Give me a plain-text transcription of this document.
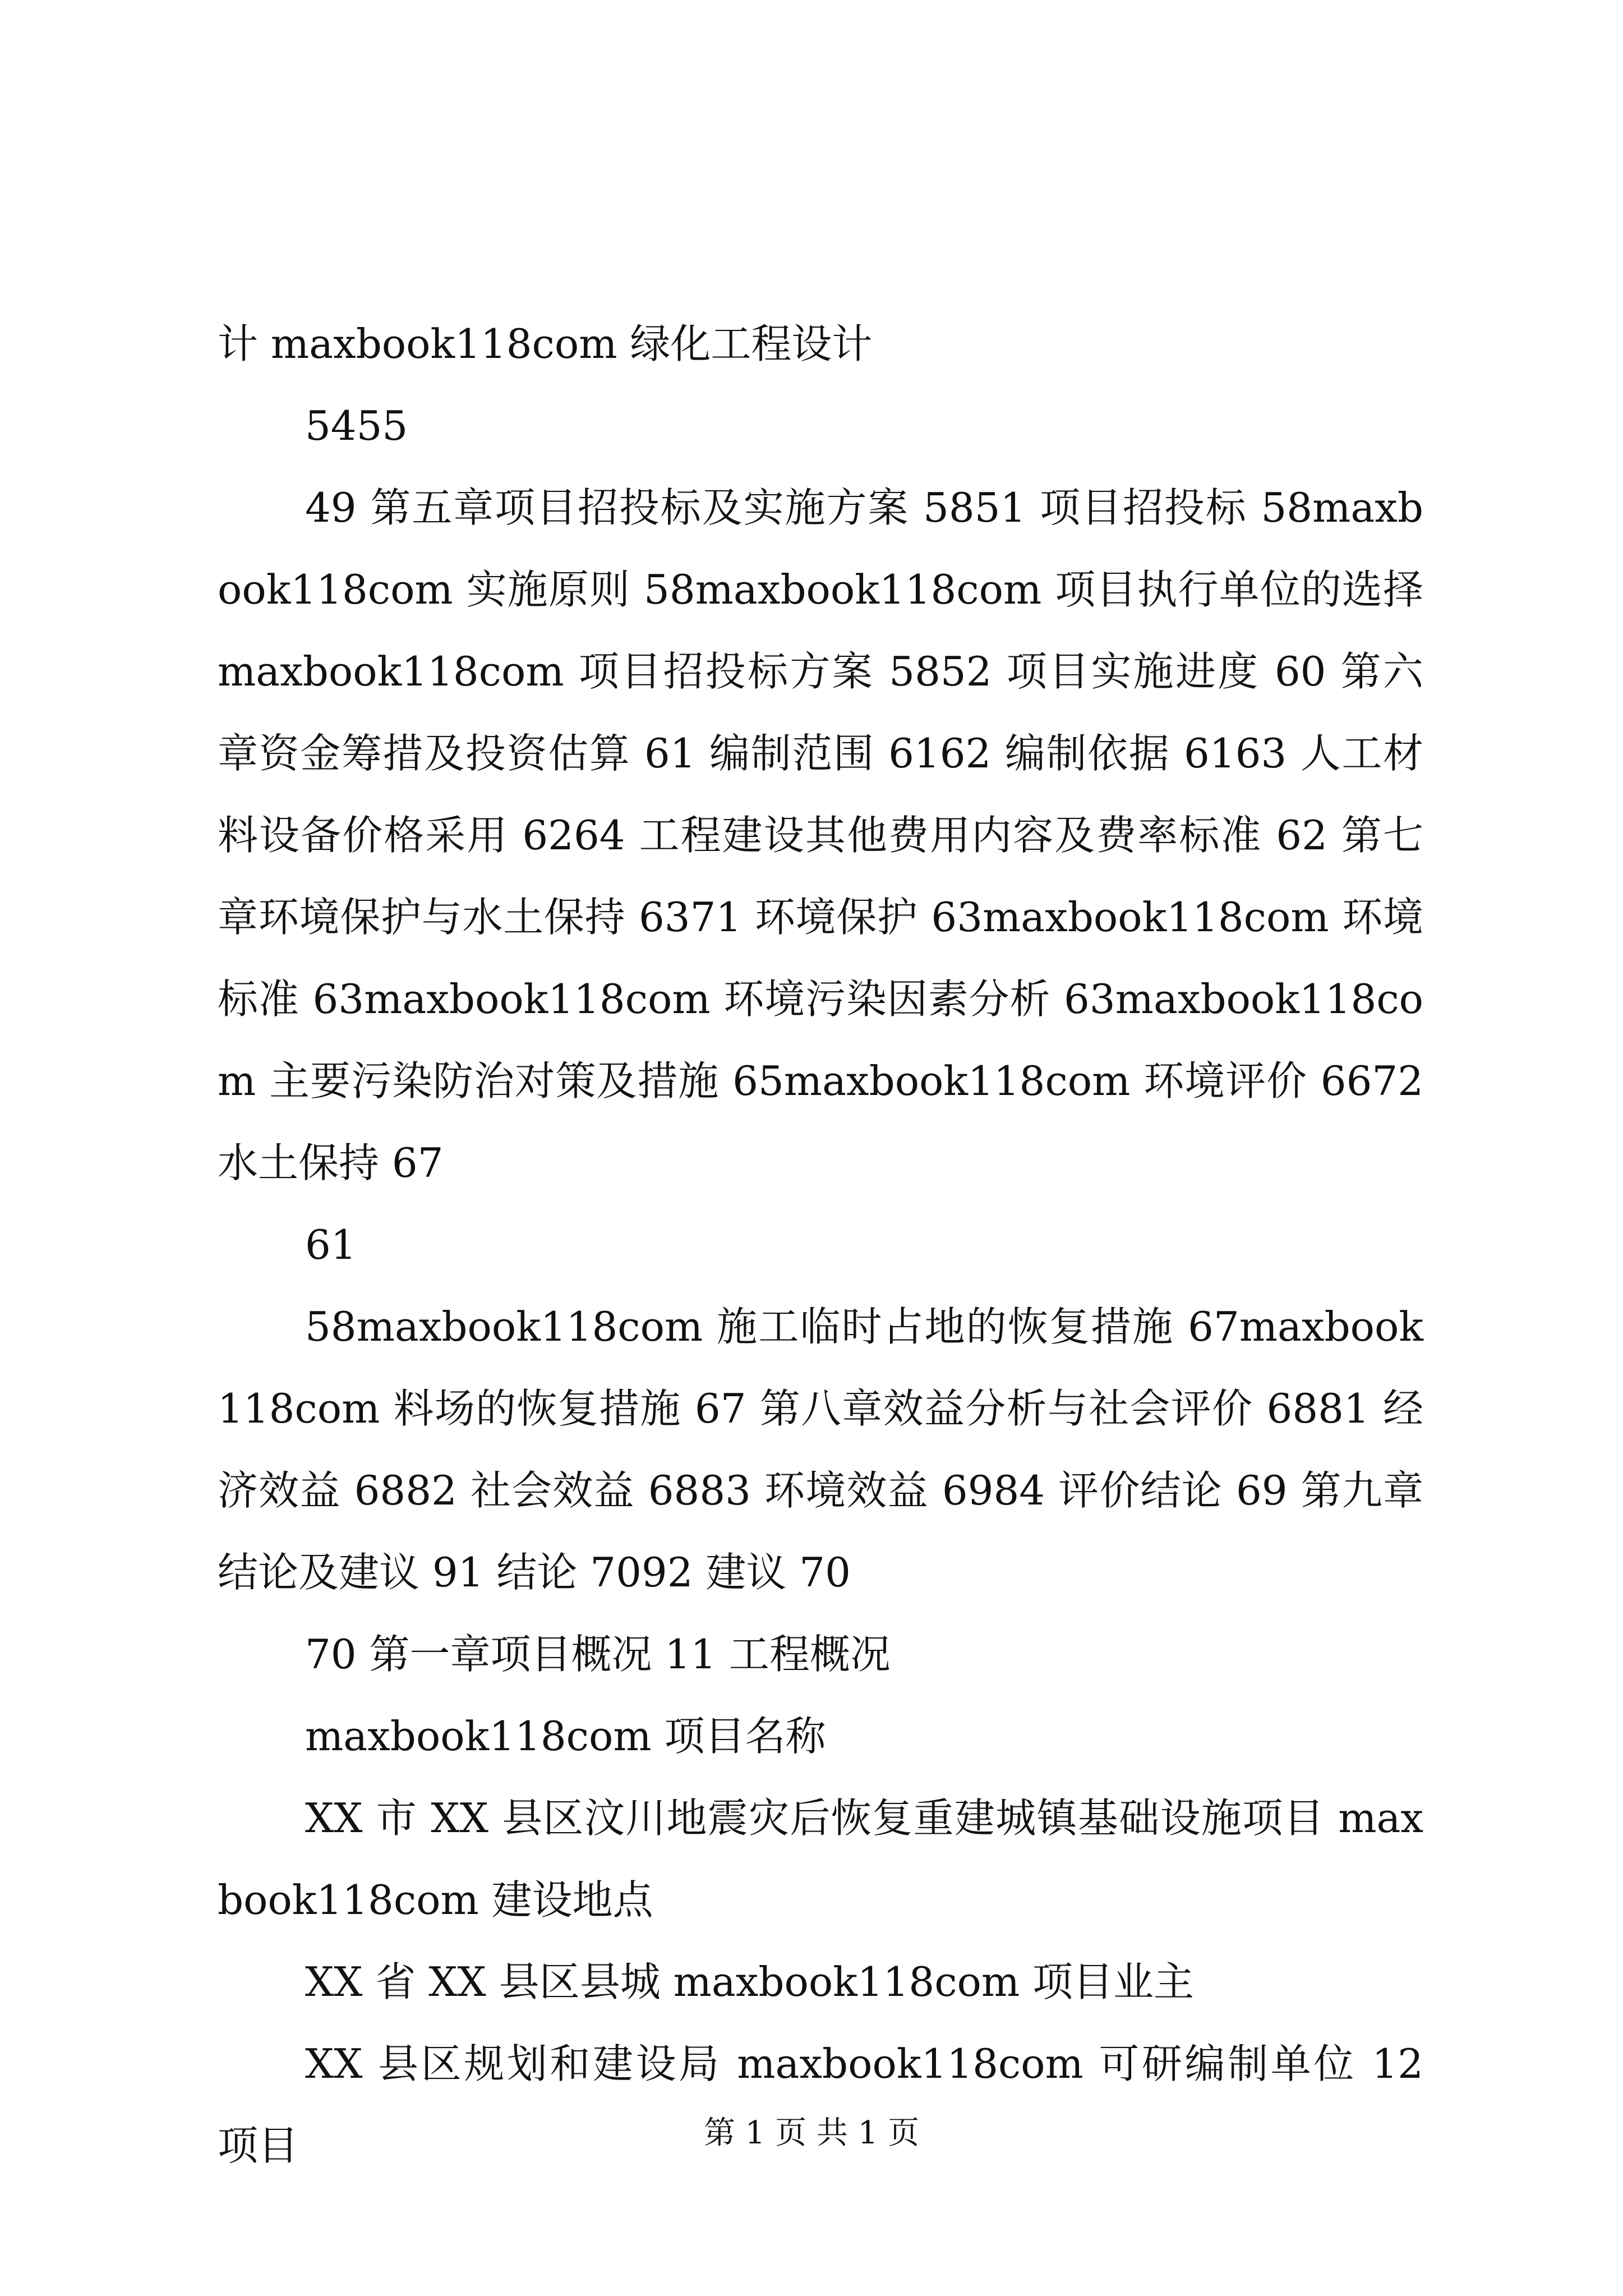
计 maxbook118com 绿化工程设计

5455

49 第五章项目招投标及实施方案 5851 项目招投标 58maxbook118com 实施原则 58maxbook118com 项目执行单位的选择 maxbook118com 项目招投标方案 5852 项目实施进度 60 第六章资金筹措及投资估算 61 编制范围 6162 编制依据 6163 人工材料设备价格采用 6264 工程建设其他费用内容及费率标准 62 第七章环境保护与水土保持 6371 环境保护 63maxbook118com 环境标准 63maxbook118com 环境污染因素分析 63maxbook118com 主要污染防治对策及措施 65maxbook118com 环境评价 6672 水土保持 67

61

58maxbook118com 施工临时占地的恢复措施 67maxbook118com 料场的恢复措施 67 第八章效益分析与社会评价 6881 经济效益 6882 社会效益 6883 环境效益 6984 评价结论 69 第九章结论及建议 91 结论 7092 建议 70

70 第一章项目概况 11 工程概况

maxbook118com 项目名称

XX 市 XX 县区汶川地震灾后恢复重建城镇基础设施项目 maxbook118com 建设地点

XX 省 XX 县区县城 maxbook118com 项目业主

XX 县区规划和建设局 maxbook118com 可研编制单位 12 项目	第 1 页 共 1 页
